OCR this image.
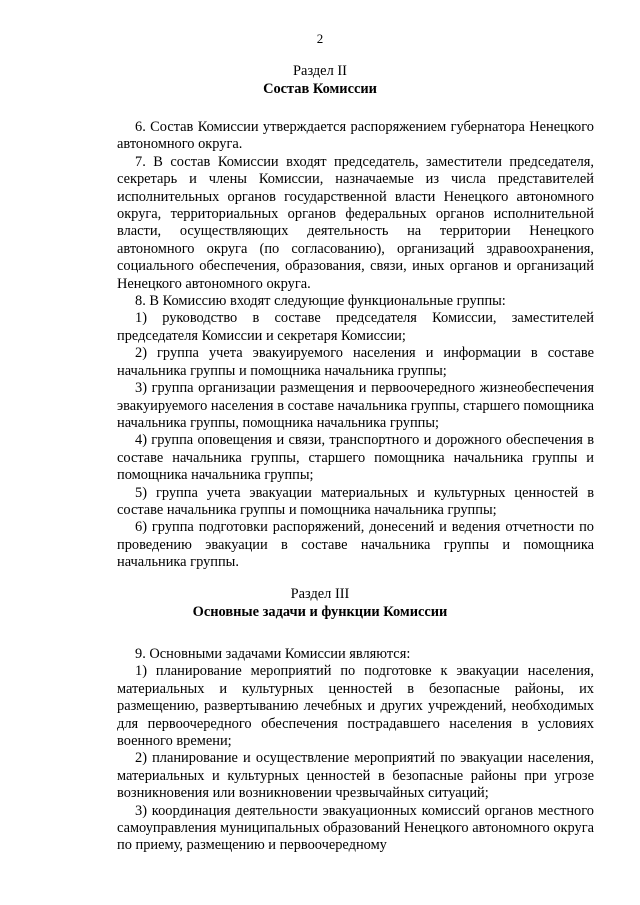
2
Раздел II
Состав Комиссии

6. Состав Комиссии утверждается распоряжением губернатора Ненецкого автономного округа.

7. В состав Комиссии входят председатель, заместители председателя, секретарь и члены Комиссии, назначаемые из числа представителей исполнительных органов государственной власти Ненецкого автономного округа, территориальных органов федеральных органов исполнительной власти, осуществляющих деятельность на территории Ненецкого автономного округа (по согласованию), организаций здравоохранения, социального обеспечения, образования, связи, иных органов и организаций Ненецкого автономного округа.

8. В Комиссию входят следующие функциональные группы:

1) руководство в составе председателя Комиссии, заместителей председателя Комиссии и секретаря Комиссии;

2) группа учета эвакуируемого населения и информации в составе начальника группы и помощника начальника группы;

3) группа организации размещения и первоочередного жизнеобеспечения эвакуируемого населения в составе начальника группы, старшего помощника начальника группы, помощника начальника группы;

4) группа оповещения и связи, транспортного и дорожного обеспечения в составе начальника группы, старшего помощника начальника группы и помощника начальника группы;

5) группа учета эвакуации материальных и культурных ценностей в составе начальника группы и помощника начальника группы;

6) группа подготовки распоряжений, донесений и ведения отчетности по проведению эвакуации в составе начальника группы и помощника начальника группы.

Раздел III
Основные задачи и функции Комиссии

9. Основными задачами Комиссии являются:

1) планирование мероприятий по подготовке к эвакуации населения, материальных и культурных ценностей в безопасные районы, их размещению, развертыванию лечебных и других учреждений, необходимых для первоочередного обеспечения пострадавшего населения в условиях военного времени;

2) планирование и осуществление мероприятий по эвакуации населения, материальных и культурных ценностей в безопасные районы при угрозе возникновения или возникновении чрезвычайных ситуаций;

3) координация деятельности эвакуационных комиссий органов местного самоуправления муниципальных образований Ненецкого автономного округа по приему, размещению и первоочередному
